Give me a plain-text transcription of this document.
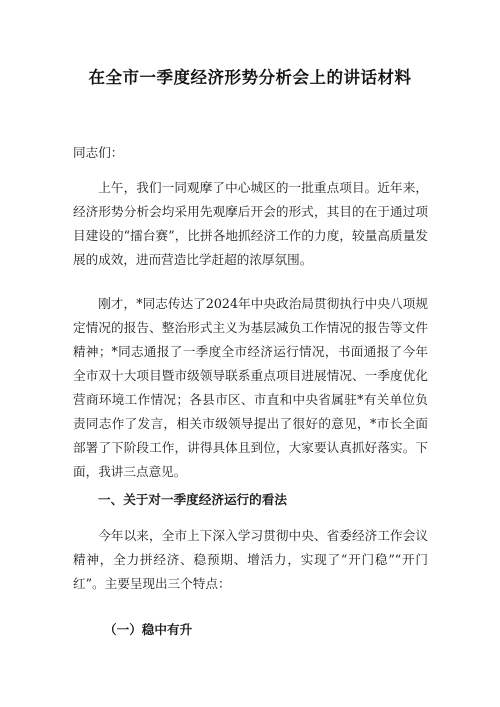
在全市一季度经济形势分析会上的讲话材料
同志们：
上午，我们一同观摩了中心城区的一批重点项目。近年来，经济形势分析会均采用先观摩后开会的形式，其目的在于通过项目建设的“擂台赛”，比拼各地抓经济工作的力度，较量高质量发展的成效，进而营造比学赶超的浓厚氛围。
刚才，*同志传达了2024年中央政治局贯彻执行中央八项规定情况的报告、整治形式主义为基层减负工作情况的报告等文件精神；*同志通报了一季度全市经济运行情况，书面通报了今年全市双十大项目暨市级领导联系重点项目进展情况、一季度优化营商环境工作情况；各县市区、市直和中央省属驻*有关单位负责同志作了发言，相关市级领导提出了很好的意见，*市长全面部署了下阶段工作，讲得具体且到位，大家要认真抓好落实。下面，我讲三点意见。
一、关于对一季度经济运行的看法
今年以来，全市上下深入学习贯彻中央、省委经济工作会议精神，全力拼经济、稳预期、增活力，实现了“开门稳”“开门红”。主要呈现出三个特点：
（一）稳中有升
